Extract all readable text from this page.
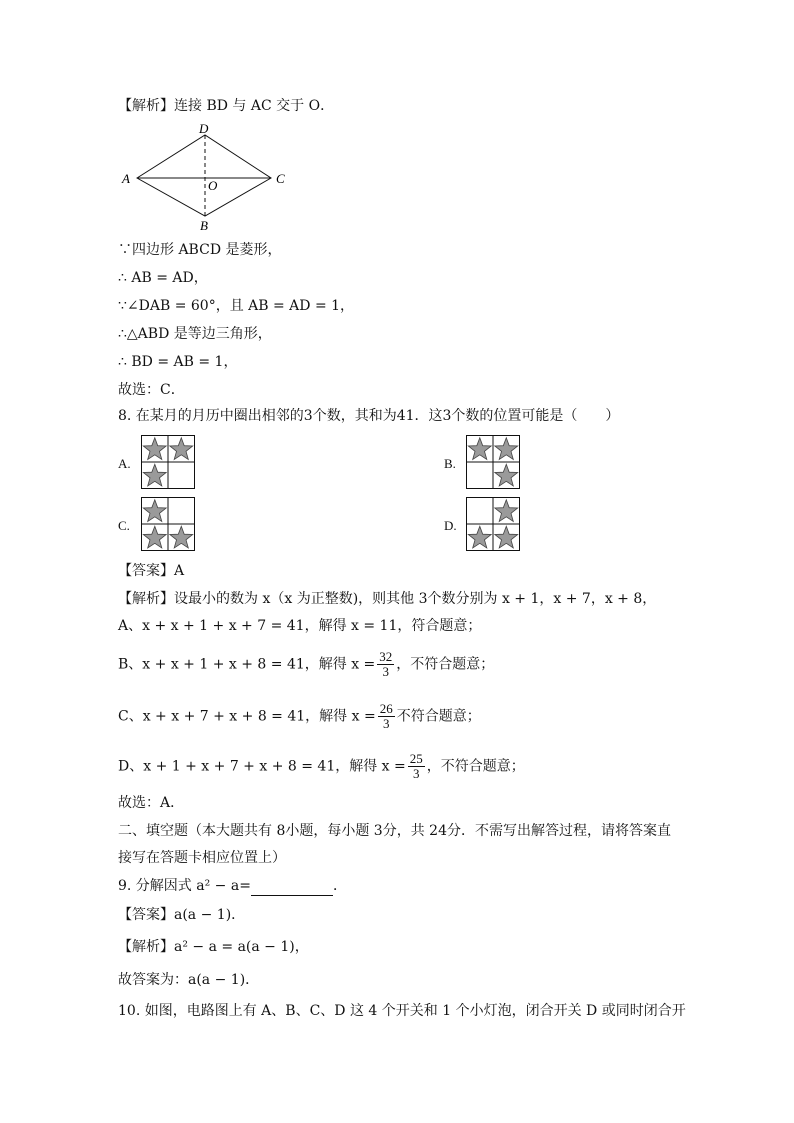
【解析】连接 BD 与 AC 交于 O．
D
A	C
O
B
∵四边形 ABCD 是菱形，
∴ AB = AD，
∵∠DAB = 60°，且 AB = AD = 1，
∴△ABD 是等边三角形，
∴ BD = AB = 1，
故选：C．
8. 在某月的月历中圈出相邻的3个数，其和为41．这3个数的位置可能是（　　）
A.	B.
C.	D.
【答案】A
【解析】设最小的数为 x（x 为正整数)，则其他 3个数分别为 x + 1，x + 7，x + 8，
A、x + x + 1 + x + 7 = 41，解得 x = 11，符合题意；
B、x + x + 1 + x + 8 = 41，解得 $x = \frac{32}{3}$ ，不符合题意；
C、x + x + 7 + x + 8 = 41，解得 $x = \frac{26}{3}$ 不符合题意；
D、x + 1 + x + 7 + x + 8 = 41，解得 $x = \frac{25}{3}$ ，不符合题意；
故选：A．
二、填空题（本大题共有 8小题，每小题 3分，共 24分．不需写出解答过程，请将答案直
接写在答题卡相应位置上）
9. 分解因式 a² − a=	．
【答案】a(a − 1)．
【解析】a² − a = a(a − 1)，
故答案为：a(a − 1)．
10. 如图，电路图上有 A、B、C、D 这 4 个开关和 1 个小灯泡，闭合开关 D 或同时闭合开
